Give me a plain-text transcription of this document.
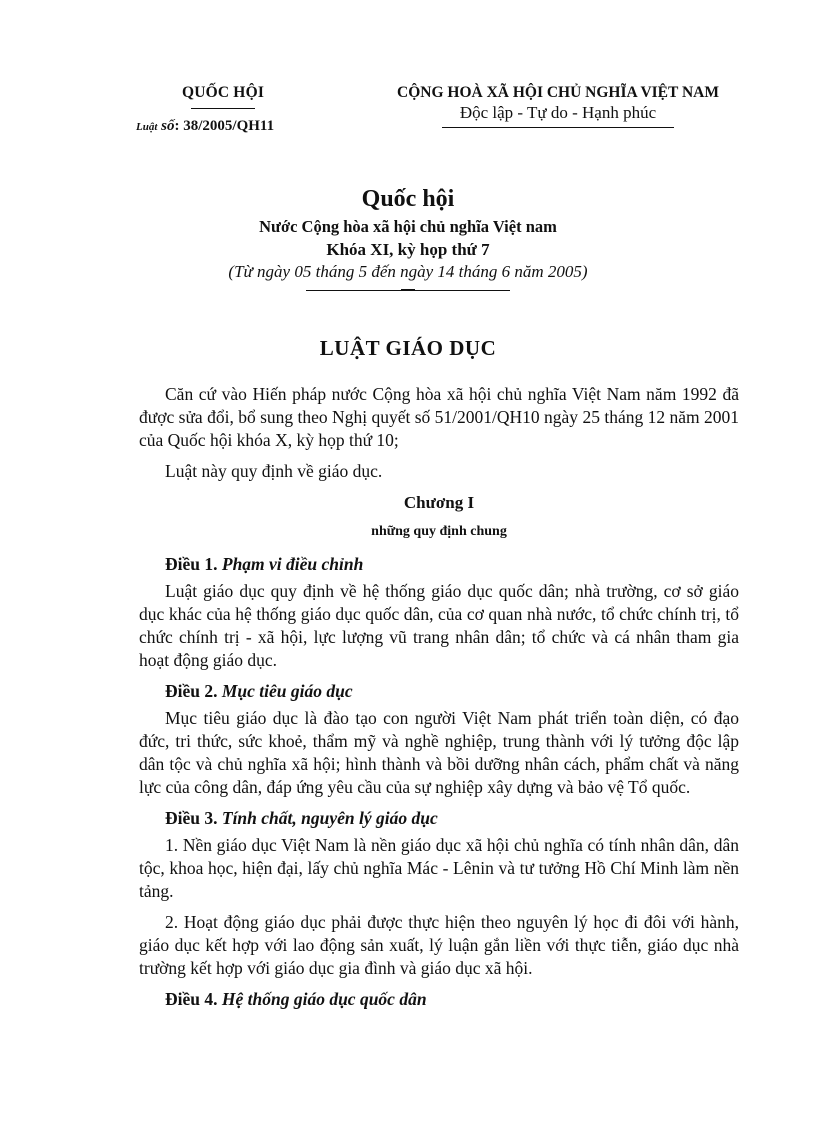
QUỐC HỘI
Luật số: 38/2005/QH11
CỘNG HOÀ XÃ HỘI CHỦ NGHĨA VIỆT NAM
Độc lập - Tự do - Hạnh phúc
Quốc hội
Nước Cộng hòa xã hội chủ nghĩa Việt nam
Khóa XI, kỳ họp thứ 7
(Từ ngày 05 tháng 5 đến ngày 14 tháng 6 năm 2005)
LUẬT GIÁO DỤC

Căn cứ vào Hiến pháp nước Cộng hòa xã hội chủ nghĩa Việt Nam năm 1992 đã được sửa đổi, bổ sung theo Nghị quyết số 51/2001/QH10 ngày 25 tháng 12 năm 2001 của Quốc hội khóa X, kỳ họp thứ 10;

Luật này quy định về giáo dục.

Chương I
những quy định chung
Điều 1. Phạm vi điều chỉnh

Luật giáo dục quy định về hệ thống giáo dục quốc dân; nhà trường, cơ sở giáo dục khác của hệ thống giáo dục quốc dân, của cơ quan nhà nước, tổ chức chính trị, tổ chức chính trị - xã hội, lực lượng vũ trang nhân dân; tổ chức và cá nhân tham gia hoạt động giáo dục.

Điều 2. Mục tiêu giáo dục

Mục tiêu giáo dục là đào tạo con người Việt Nam phát triển toàn diện, có đạo đức, tri thức, sức khoẻ, thẩm mỹ và nghề nghiệp, trung thành với lý tưởng độc lập dân tộc và chủ nghĩa xã hội; hình thành và bồi dưỡng nhân cách, phẩm chất và năng lực của công dân, đáp ứng yêu cầu của sự nghiệp xây dựng và bảo vệ Tổ quốc.

Điều 3. Tính chất, nguyên lý giáo dục

1. Nền giáo dục Việt Nam là nền giáo dục xã hội chủ nghĩa có tính nhân dân, dân tộc, khoa học, hiện đại, lấy chủ nghĩa Mác - Lênin và tư tưởng Hồ Chí Minh làm nền tảng.

2. Hoạt động giáo dục phải được thực hiện theo nguyên lý học đi đôi với hành, giáo dục kết hợp với lao động sản xuất, lý luận gắn liền với thực tiễn, giáo dục nhà trường kết hợp với giáo dục gia đình và giáo dục xã hội.

Điều 4. Hệ thống giáo dục quốc dân
